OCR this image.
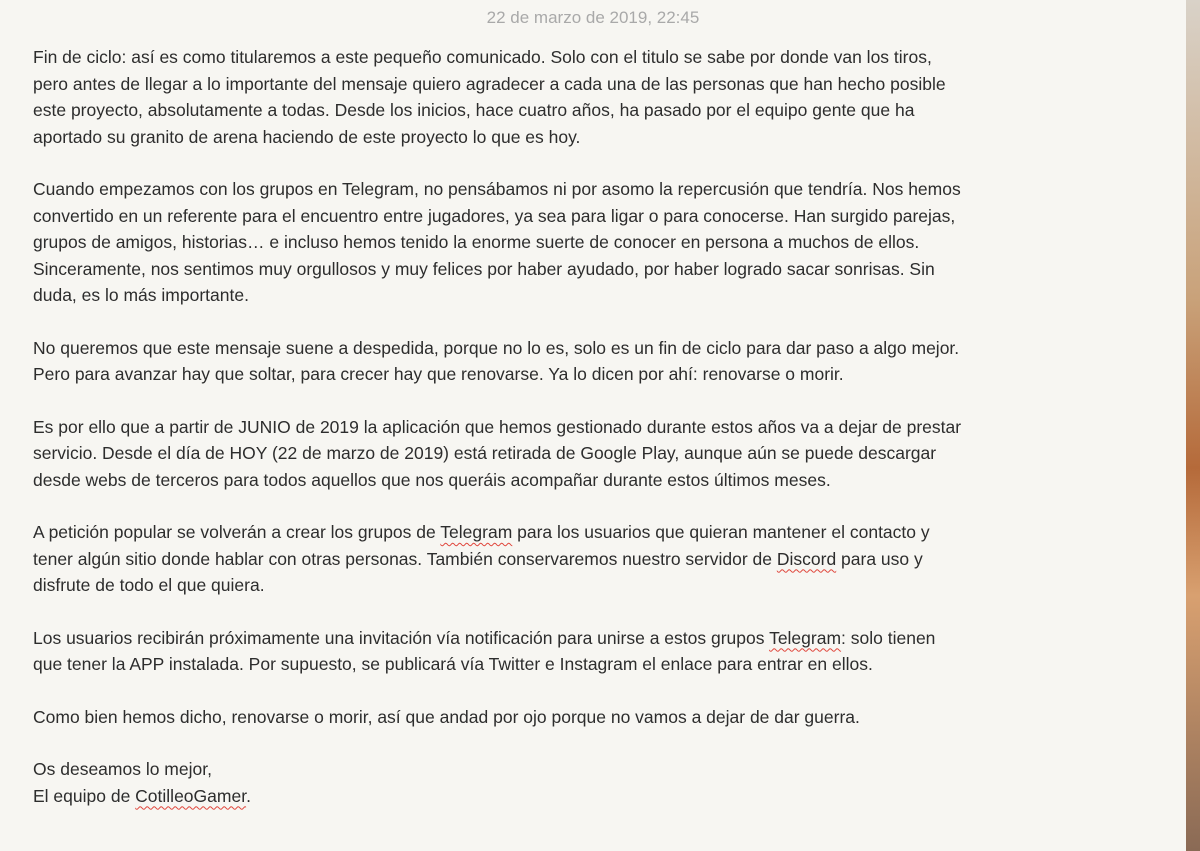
22 de marzo de 2019, 22:45

Fin de ciclo: así es como titularemos a este pequeño comunicado. Solo con el titulo se sabe por donde van los tiros,
pero antes de llegar a lo importante del mensaje quiero agradecer a cada una de las personas que han hecho posible
este proyecto, absolutamente a todas. Desde los inicios, hace cuatro años, ha pasado por el equipo gente que ha
aportado su granito de arena haciendo de este proyecto lo que es hoy.

Cuando empezamos con los grupos en Telegram, no pensábamos ni por asomo la repercusión que tendría. Nos hemos
convertido en un referente para el encuentro entre jugadores, ya sea para ligar o para conocerse. Han surgido parejas,
grupos de amigos, historias… e incluso hemos tenido la enorme suerte de conocer en persona a muchos de ellos.
Sinceramente, nos sentimos muy orgullosos y muy felices por haber ayudado, por haber logrado sacar sonrisas. Sin
duda, es lo más importante.

No queremos que este mensaje suene a despedida, porque no lo es, solo es un fin de ciclo para dar paso a algo mejor.
Pero para avanzar hay que soltar, para crecer hay que renovarse. Ya lo dicen por ahí: renovarse o morir.

Es por ello que a partir de JUNIO de 2019 la aplicación que hemos gestionado durante estos años va a dejar de prestar
servicio. Desde el día de HOY (22 de marzo de 2019) está retirada de Google Play, aunque aún se puede descargar
desde webs de terceros para todos aquellos que nos queráis acompañar durante estos últimos meses.

A petición popular se volverán a crear los grupos de Telegram para los usuarios que quieran mantener el contacto y
tener algún sitio donde hablar con otras personas. También conservaremos nuestro servidor de Discord para uso y
disfrute de todo el que quiera.

Los usuarios recibirán próximamente una invitación vía notificación para unirse a estos grupos Telegram: solo tienen
que tener la APP instalada. Por supuesto, se publicará vía Twitter e Instagram el enlace para entrar en ellos.

Como bien hemos dicho, renovarse o morir, así que andad por ojo porque no vamos a dejar de dar guerra.

Os deseamos lo mejor,
El equipo de CotilleoGamer.
